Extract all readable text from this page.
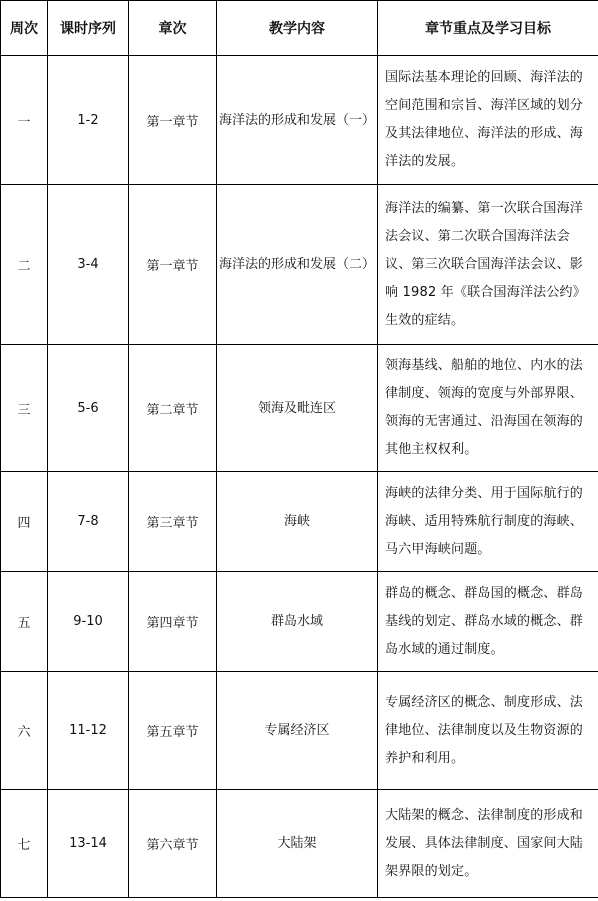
周次	课时序列	章次	教学内容	章节重点及学习目标
一	1-2	第一章节	海洋法的形成和发展（一）	国际法基本理论的回顾、海洋法的空间范围和宗旨、海洋区域的划分及其法律地位、海洋法的形成、海洋法的发展。

二	3-4	第一章节	海洋法的形成和发展（二）	海洋法的编纂、第一次联合国海洋法会议、第二次联合国海洋法会议、第三次联合国海洋法会议、影响 1982 年《联合国海洋法公约》生效的症结。

三	5-6	第二章节	领海及毗连区	领海基线、船舶的地位、内水的法律制度、领海的宽度与外部界限、领海的无害通过、沿海国在领海的其他主权权利。

四	7-8	第三章节	海峡	海峡的法律分类、用于国际航行的海峡、适用特殊航行制度的海峡、马六甲海峡问题。

五	9-10	第四章节	群岛水域	群岛的概念、群岛国的概念、群岛基线的划定、群岛水域的概念、群岛水域的通过制度。

六	11-12	第五章节	专属经济区	专属经济区的概念、制度形成、法律地位、法律制度以及生物资源的养护和利用。

七	13-14	第六章节	大陆架	大陆架的概念、法律制度的形成和发展、具体法律制度、国家间大陆架界限的划定。
